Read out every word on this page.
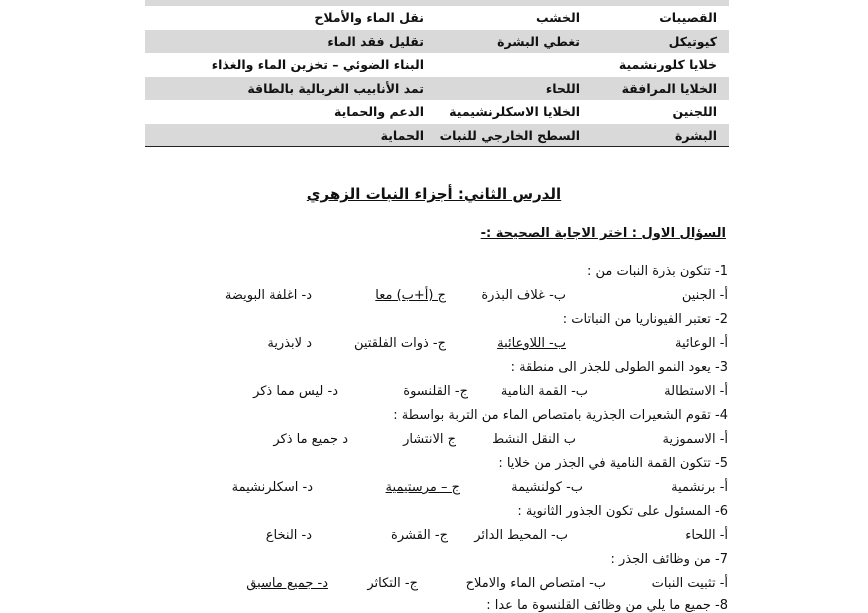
القصيبات
الخشب
نقل الماء والأملاح
كيوتيكل
تغطي البشرة
تقليل فقد الماء
خلايا كلورنشمية
البناء الضوئي – تخزين الماء والغذاء
الخلايا المرافقة
اللحاء
تمد الأنابيب الغربالية بالطاقة
اللجنين
الخلايا الاسكلرنشيمية
الدعم والحماية
البشرة
السطح الخارجي للنبات
الحماية
الدرس الثاني: أجزاء النبات الزهري
السؤال الاول : اختر الاجابة الصحيحة :-
1- تتكون بذرة النبات من :
أ- الجنين
ب- غلاف البذرة
ج (أ+ب) معا
د- اغلفة البويضة
2- تعتبر الفيوناريا من النباتات :
أ- الوعائية
ب- اللاوعائية
ج- ذوات الفلقتين
د لابذرية
3- يعود النمو الطولى للجذر الى منطقة :
أ- الاستطالة
ب- القمة النامية
ج- القلنسوة
د- ليس مما ذكر
4- تقوم الشعيرات الجذرية بامتصاص الماء من التربة بواسطة :
أ- الاسموزية
ب النقل النشط
ج الانتشار
د جميع ما ذكر
5- تتكون القمة النامية في الجذر من خلايا :
أ- برنشمية
ب- كولنشيمة
ج – مرستيمية
د- اسكلرنشيمة
6- المسئول على تكون الجذور الثانوية :
أ- اللحاء
ب- المحيط الدائر
ج- القشرة
د- النخاع
7- من وظائف الجذر :
أ- تثبيت النبات
ب- امتصاص الماء والاملاح
ج- التكاثر
د- جميع ماسبق
8- جميع ما يلي من وظائف القلنسوة ما عدا :
